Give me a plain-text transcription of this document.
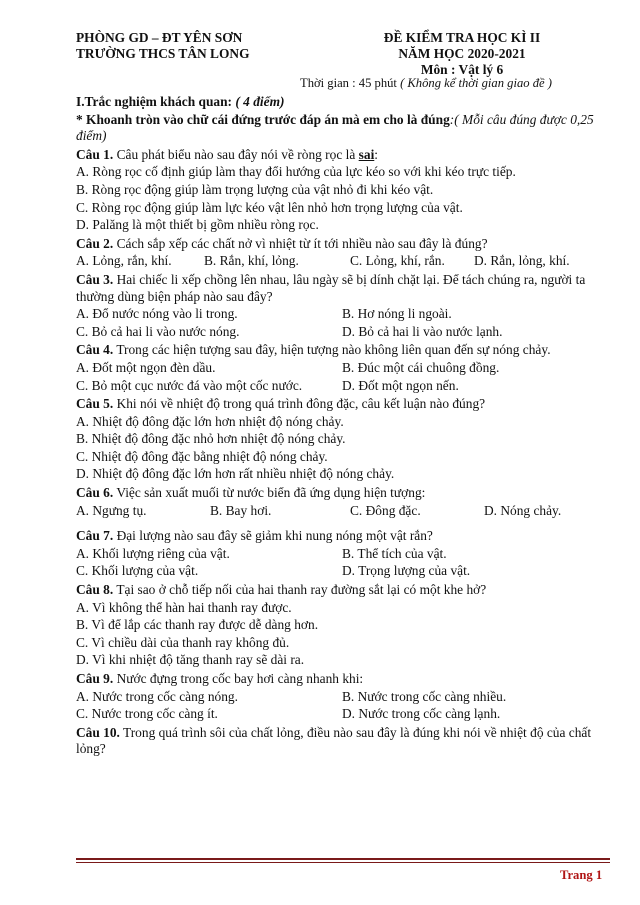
PHÒNG GD – ĐT YÊN SƠN
TRƯỜNG THCS TÂN LONG
ĐỀ KIỂM TRA HỌC KÌ II
NĂM HỌC 2020-2021
Môn : Vật lý 6
Thời gian : 45 phút ( Không kể thời gian giao đề )
I.Trắc nghiệm khách quan: ( 4 điểm)
* Khoanh tròn vào chữ cái đứng trước đáp án mà em cho là đúng:( Mỗi câu đúng được 0,25 điểm)
Câu 1. Câu phát biểu nào sau đây nói về ròng rọc là sai:
A. Ròng rọc cố định giúp làm thay đổi hướng của lực kéo so với khi kéo trực tiếp.
B. Ròng rọc động giúp làm trọng lượng của vật nhỏ đi khi kéo vật.
C. Ròng rọc động giúp làm lực kéo vật lên nhỏ hơn trọng lượng của vật.
D. Palăng là một thiết bị gồm nhiều ròng rọc.
Câu 2. Cách sắp xếp các chất nở vì nhiệt từ ít tới nhiều nào sau đây là đúng?
A. Lỏng, rắn, khí.	B. Rắn, khí, lỏng.	C. Lỏng, khí, rắn.	D. Rắn, lỏng, khí.
Câu 3. Hai chiếc li xếp chồng lên nhau, lâu ngày sẽ bị dính chặt lại. Để tách chúng ra, người ta thường dùng biện pháp nào sau đây?
A. Đổ nước nóng vào li trong.	B. Hơ nóng li ngoài.
C. Bỏ cả hai li vào nước nóng.	D. Bỏ cả hai li vào nước lạnh.
Câu 4. Trong các hiện tượng sau đây, hiện tượng nào không liên quan đến sự nóng chảy.
A. Đốt một ngọn đèn dầu.	B. Đúc một cái chuông đồng.
C. Bỏ một cục nước đá vào một cốc nước.	D. Đốt một ngọn nến.
Câu 5. Khi nói về nhiệt độ trong quá trình đông đặc, câu kết luận nào đúng?
A. Nhiệt độ đông đặc lớn hơn nhiệt độ nóng chảy.
B. Nhiệt độ đông đặc nhỏ hơn nhiệt độ nóng chảy.
C. Nhiệt độ đông đặc bằng nhiệt độ nóng chảy.
D. Nhiệt độ đông đặc lớn hơn rất nhiều nhiệt độ nóng chảy.
Câu 6. Việc sản xuất muối từ nước biển đã ứng dụng hiện tượng:
A. Ngưng tụ.	B. Bay hơi.	C. Đông đặc.	D. Nóng chảy.
Câu 7. Đại lượng nào sau đây sẽ giảm khi nung nóng một vật rắn?
A. Khối lượng riêng của vật.	B. Thể tích của vật.
C. Khối lượng của vật.	D. Trọng lượng của vật.
Câu 8. Tại sao ở chỗ tiếp nối của hai thanh ray đường sắt lại có một khe hở?
A. Vì không thể hàn hai thanh ray được.
B. Vì để lắp các thanh ray được dễ dàng hơn.
C. Vì chiều dài của thanh ray không đủ.
D. Vì khi nhiệt độ tăng thanh ray sẽ dài ra.
Câu 9. Nước đựng trong cốc bay hơi càng nhanh khi:
A. Nước trong cốc càng nóng.	B. Nước trong cốc càng nhiều.
C. Nước trong cốc càng ít.	D. Nước trong cốc càng lạnh.
Câu 10. Trong quá trình sôi của chất lỏng, điều nào sau đây là đúng khi nói về nhiệt độ của chất lỏng?
Trang 1
